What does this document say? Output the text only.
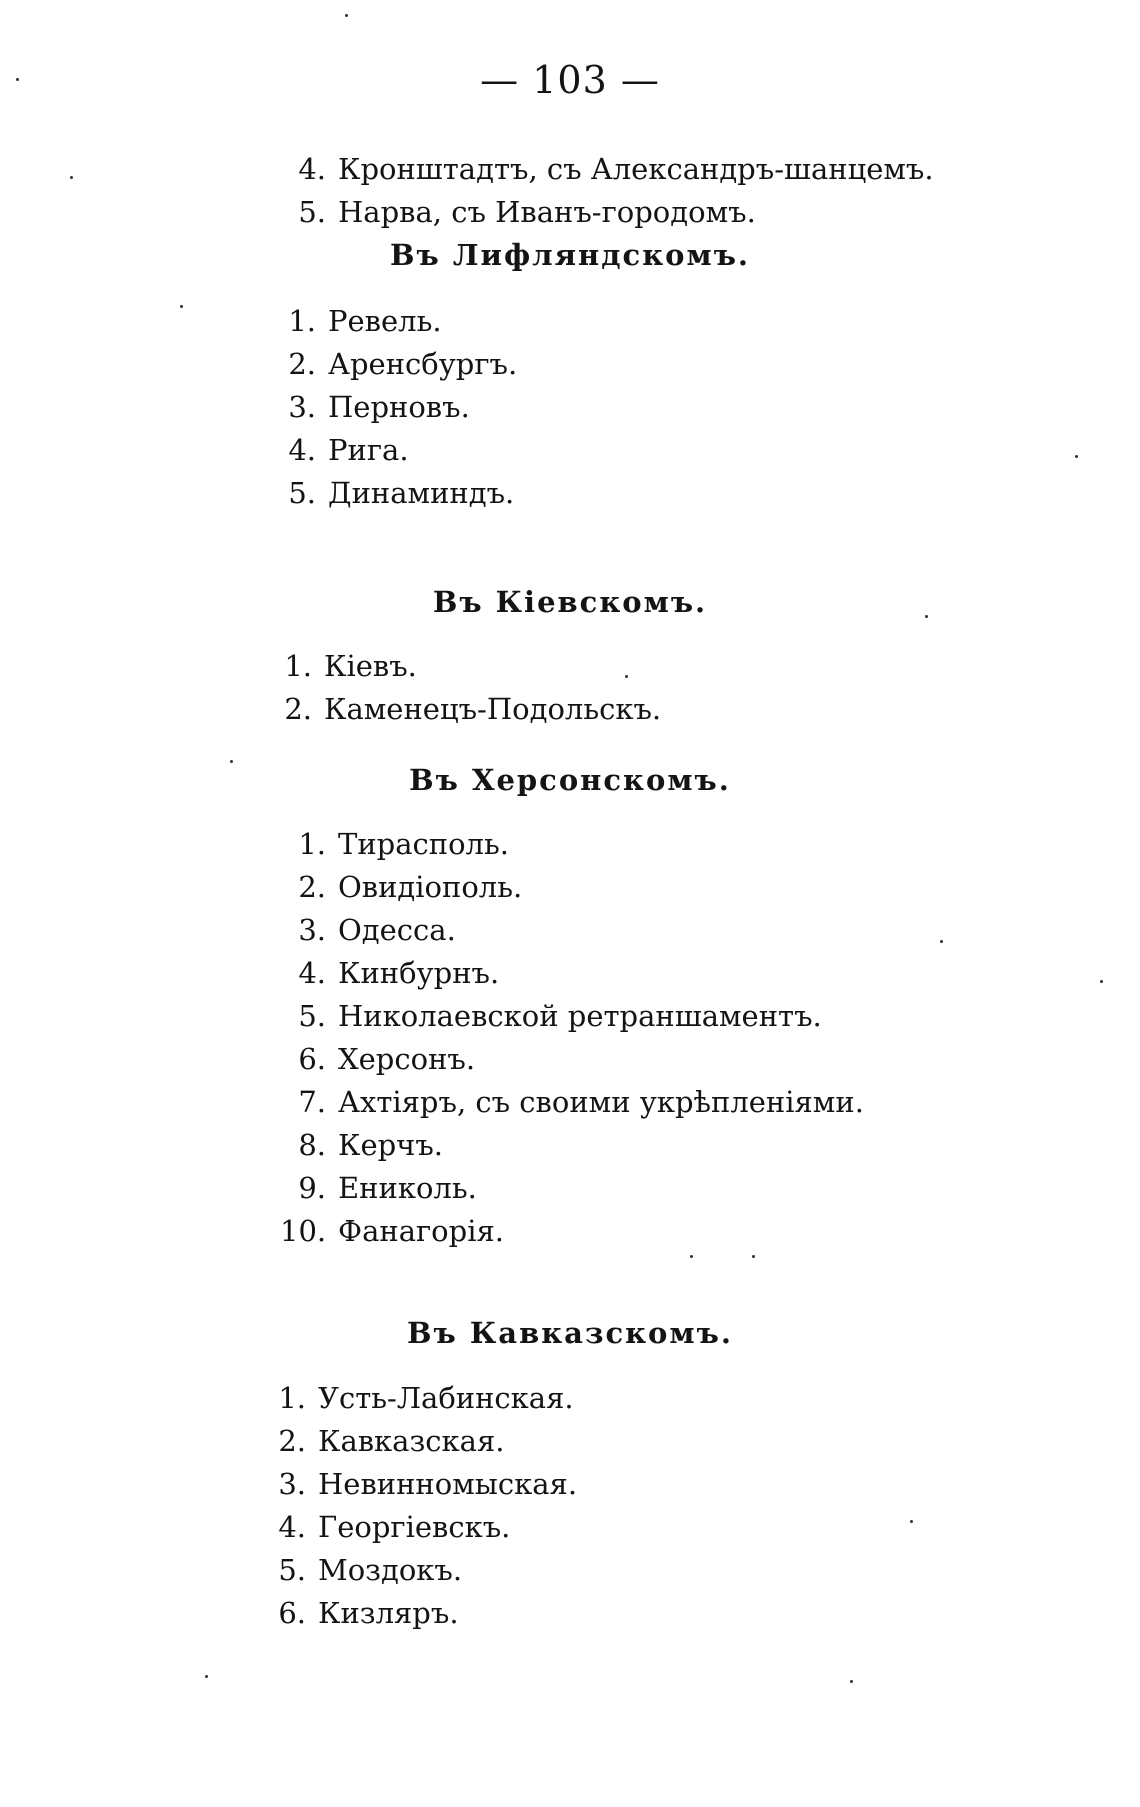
— 103 —
4. Кронштадтъ, съ Александръ-шанцемъ.
5. Нарва, съ Иванъ-городомъ.
Въ Лифляндскомъ.
1. Ревель.
2. Аренсбургъ.
3. Перновъ.
4. Рига.
5. Динаминдъ.
Въ Кіевскомъ.
1. Кіевъ.
2. Каменецъ-Подольскъ.
Въ Херсонскомъ.
1. Тирасполь.
2. Овидіополь.
3. Одесса.
4. Кинбурнъ.
5. Николаевской ретраншаментъ.
6. Херсонъ.
7. Ахтіяръ, съ своими укрѣпленіями.
8. Керчъ.
9. Ениколь.
10. Фанагорія.
Въ Кавказскомъ.
1. Усть-Лабинская.
2. Кавказская.
3. Невинномыская.
4. Георгіевскъ.
5. Моздокъ.
6. Кизляръ.
